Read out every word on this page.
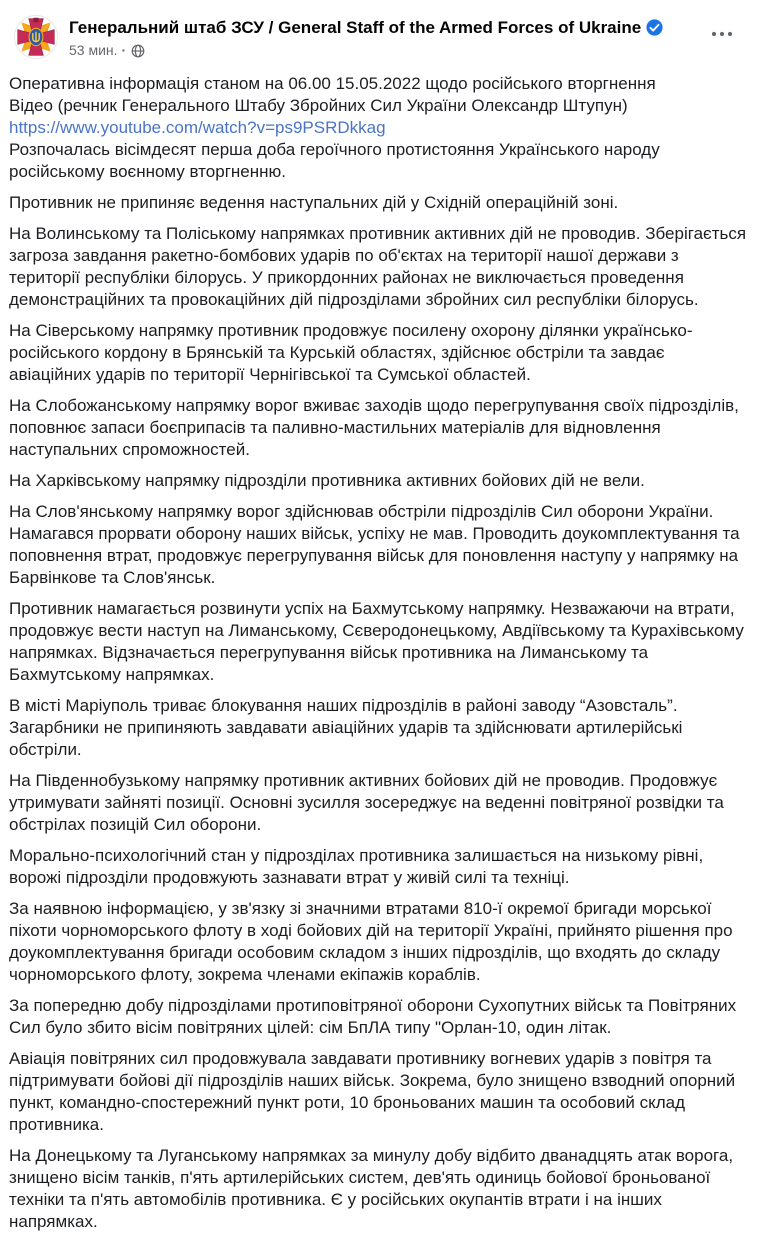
Генеральний штаб ЗСУ / General Staff of the Armed Forces of Ukraine
53 мин. ·
Оперативна інформація станом на 06.00 15.05.2022 щодо російського вторгнення
Відео (речник Генерального Штабу Збройних Сил України Олександр Штупун)
https://www.youtube.com/watch?v=ps9PSRDkkag
Розпочалась вісімдесят перша доба героїчного протистояння Українського народу російському воєнному вторгненню.

Противник не припиняє ведення наступальних дій у Східній операційній зоні.

На Волинському та Поліському напрямках противник активних дій не проводив. Зберігається загроза завдання ракетно-бомбових ударів по об'єктах на території нашої держави з території республіки білорусь. У прикордонних районах не виключається проведення демонстраційних та провокаційних дій підрозділами збройних сил республіки білорусь.

На Сіверському напрямку противник продовжує посилену охорону ділянки українсько-російського кордону в Брянській та Курській областях, здійснює обстріли та завдає авіаційних ударів по території Чернігівської та Сумської областей.

На Слобожанському напрямку ворог вживає заходів щодо перегрупування своїх підрозділів, поповнює запаси боєприпасів та паливно-мастильних матеріалів для відновлення наступальних спроможностей.

На Харківському напрямку підрозділи противника активних бойових дій не вели.

На Слов'янському напрямку ворог здійснював обстріли підрозділів Сил оборони України. Намагався прорвати оборону наших військ, успіху не мав. Проводить доукомплектування та поповнення втрат, продовжує перегрупування військ для поновлення наступу у напрямку на Барвінкове та Слов'янськ.

Противник намагається розвинути успіх на Бахмутському напрямку. Незважаючи на втрати, продовжує вести наступ на Лиманському, Сєверодонецькому, Авдіївському та Курахівському напрямках. Відзначається перегрупування військ противника на Лиманському та Бахмутському напрямках.

В місті Маріуполь триває блокування наших підрозділів в районі заводу “Азовсталь”. Загарбники не припиняють завдавати авіаційних ударів та здійснювати артилерійські обстріли.

На Південнобузькому напрямку противник активних бойових дій не проводив. Продовжує утримувати зайняті позиції. Основні зусилля зосереджує на веденні повітряної розвідки та обстрілах позицій Сил оборони.

Морально-психологічний стан у підрозділах противника залишається на низькому рівні, ворожі підрозділи продовжують зазнавати втрат у живій силі та техніці.

За наявною інформацією, у зв'язку зі значними втратами 810-ї окремої бригади морської піхоти чорноморського флоту в ході бойових дій на території Україні, прийнято рішення про доукомплектування бригади особовим складом з інших підрозділів, що входять до складу чорноморського флоту, зокрема членами екіпажів кораблів.

За попередню добу підрозділами протиповітряної оборони Сухопутних військ та Повітряних Сил було збито вісім повітряних цілей: сім БпЛА типу "Орлан-10, один літак.

Авіація повітряних сил продовжувала завдавати противнику вогневих ударів з повітря та підтримувати бойові дії підрозділів наших військ. Зокрема, було знищено взводний опорний пункт, командно-спостережний пункт роти, 10 броньованих машин та особовий склад противника.

На Донецькому та Луганському напрямках за минулу добу відбито дванадцять атак ворога, знищено вісім танків, п'ять артилерійських систем, дев'ять одиниць бойової броньованої техніки та п'ять автомобілів противника. Є у російських окупантів втрати і на інших напрямках.
